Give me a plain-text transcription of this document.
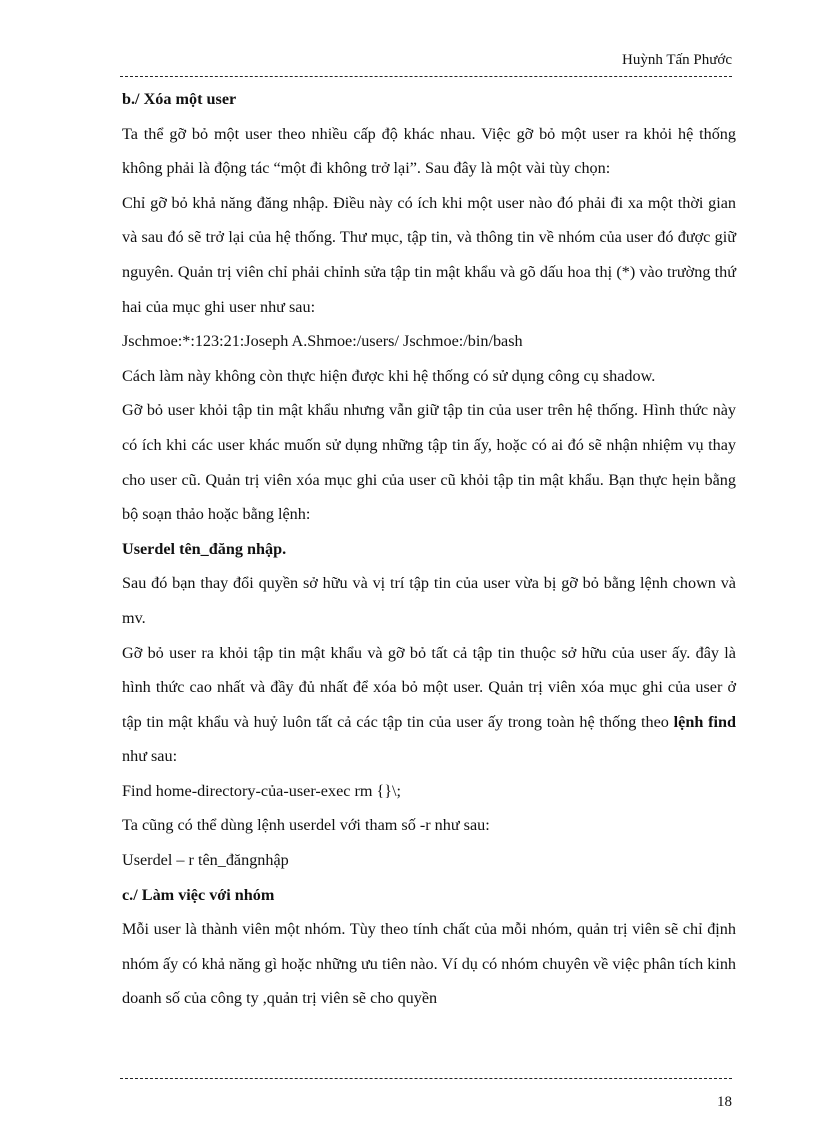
Huỳnh Tấn Phước

b./ Xóa một user

Ta thể gỡ bỏ một user theo nhiều cấp độ khác nhau. Việc gỡ bỏ một user ra khỏi hệ thống không phải là động tác “một đi không trở lại”. Sau đây là một vài tùy chọn:

Chỉ gỡ bỏ khả năng đăng nhập. Điều này có ích khi một user nào đó phải đi xa một thời gian và sau đó sẽ trở lại của hệ thống. Thư mục, tập tin, và thông tin về nhóm của user đó được giữ nguyên. Quản trị viên chỉ phải chỉnh sửa tập tin mật khẩu và gõ dấu hoa thị (*) vào trường thứ hai của mục ghi user như sau:

Jschmoe:*:123:21:Joseph A.Shmoe:/users/ Jschmoe:/bin/bash

Cách làm này không còn thực hiện được khi hệ thống có sử dụng công cụ shadow.

Gỡ bỏ user khỏi tập tin mật khẩu nhưng vẫn giữ tập tin của user trên hệ thống. Hình thức này có ích khi các user khác muốn sử dụng những tập tin ấy, hoặc có ai đó sẽ nhận nhiệm vụ thay cho user cũ. Quản trị viên xóa mục ghi của user cũ khỏi tập tin mật khẩu. Bạn thực hẹin bằng bộ soạn thảo hoặc bằng lệnh:

Userdel tên_đăng nhập.

Sau đó bạn thay đổi quyền sở hữu và vị trí tập tin của user vừa bị gỡ bỏ bằng lệnh chown và mv.

Gỡ bỏ user ra khỏi tập tin mật khẩu và gỡ bỏ tất cả tập tin thuộc sở hữu của user ấy. đây là hình thức cao nhất và đầy đủ nhất để xóa bỏ một user. Quản trị viên xóa mục ghi của user ở tập tin mật khẩu và huỷ luôn tất cả các tập tin của user ấy trong toàn hệ thống theo lệnh find như sau:

Find home-directory-của-user-exec rm {}\;

Ta cũng có thể dùng lệnh userdel với tham số -r như sau:

Userdel – r tên_đăngnhập

c./ Làm việc với nhóm

Mỗi user là thành viên một nhóm. Tùy theo tính chất của mỗi nhóm, quản trị viên sẽ chỉ định nhóm ấy có khả năng gì hoặc những ưu tiên nào. Ví dụ có nhóm chuyên về việc phân tích kinh doanh số của công ty ,quản trị viên sẽ cho quyền

18
